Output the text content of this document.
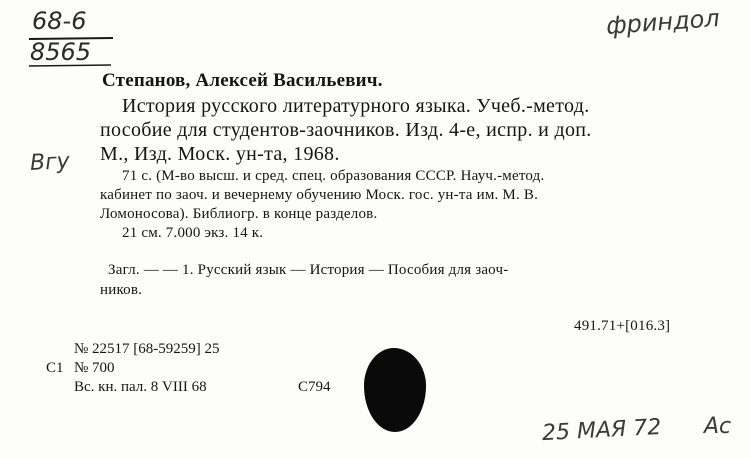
68-6
8565
фриндол
Вгу
Степанов, Алексей Васильевич.
История русского литературного языка. Учеб.-метод.
пособие для студентов-заочников. Изд. 4-е, испр. и доп.
М., Изд. Моск. ун-та, 1968.
71 с. (М-во высш. и сред. спец. образования СССР. Науч.-метод.
кабинет по заоч. и вечернему обучению Моск. гос. ун-та им. М. В.
Ломоносова). Библиогр. в конце разделов.
21 см. 7.000 экз. 14 к.
Загл. — — 1. Русский язык — История — Пособия для заоч-
ников.
491.71+[016.3]
№ 22517 [68-59259] 25
С1 № 700
Вс. кн. пал. 8 VIII 68	С794
25 МАЯ 72 Ac
